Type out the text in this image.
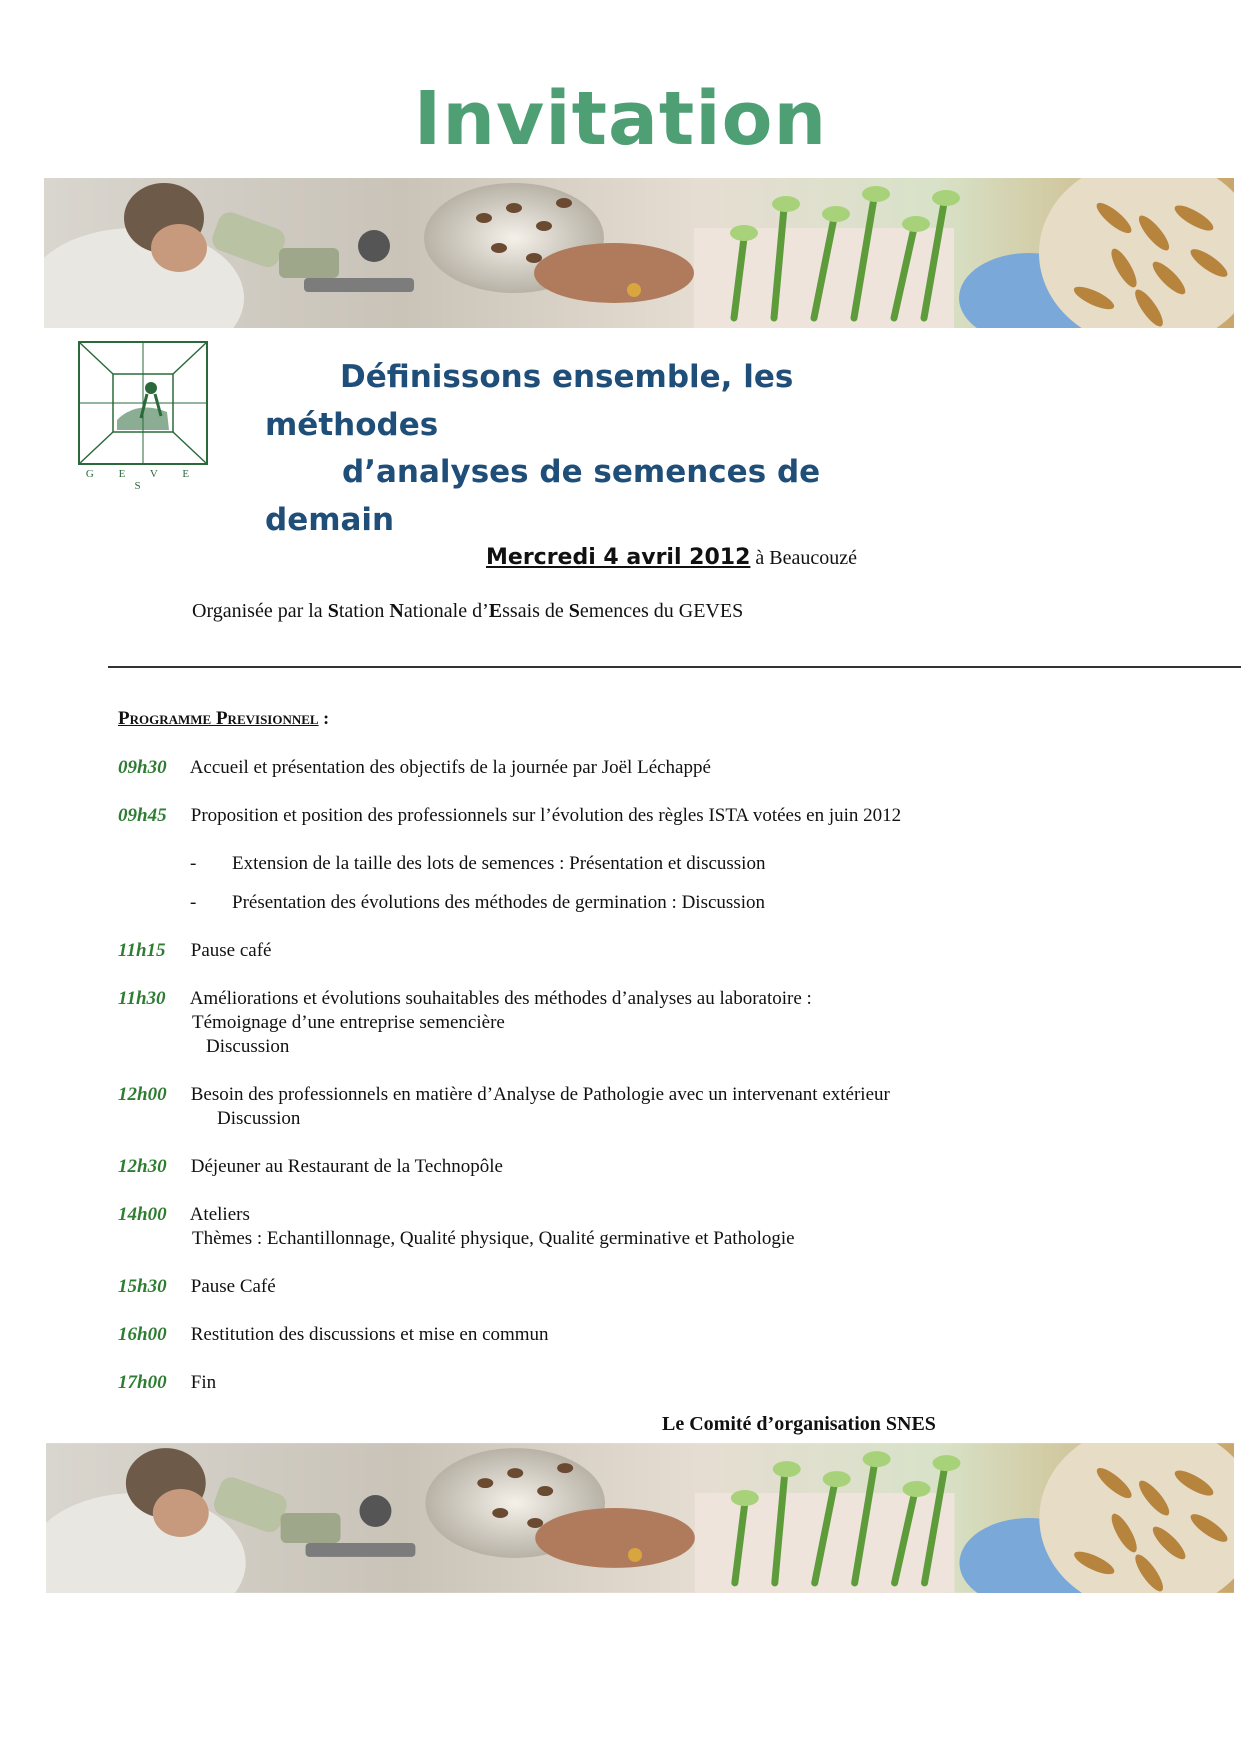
Invitation
G E V E S
Définissons ensemble, les
méthodes
d’analyses de semences de
demain
Mercredi 4 avril 2012 à Beaucouzé
Organisée par la Station Nationale d’Essais de Semences du GEVES
Programme Previsionnel :
09h30 Accueil et présentation des objectifs de la journée par Joël Léchappé
09h45 Proposition et position des professionnels sur l’évolution des règles ISTA votées en juin 2012
- Extension de la taille des lots de semences : Présentation et discussion
- Présentation des évolutions des méthodes de germination : Discussion
11h15 Pause café
11h30 Améliorations et évolutions souhaitables des méthodes d’analyses au laboratoire :
Témoignage d’une entreprise semencière
Discussion
12h00 Besoin des professionnels en matière d’Analyse de Pathologie avec un intervenant extérieur
Discussion
12h30 Déjeuner au Restaurant de la Technopôle
14h00 Ateliers
Thèmes : Echantillonnage, Qualité physique, Qualité germinative et Pathologie
15h30 Pause Café
16h00 Restitution des discussions et mise en commun
17h00 Fin
Le Comité d’organisation SNES
